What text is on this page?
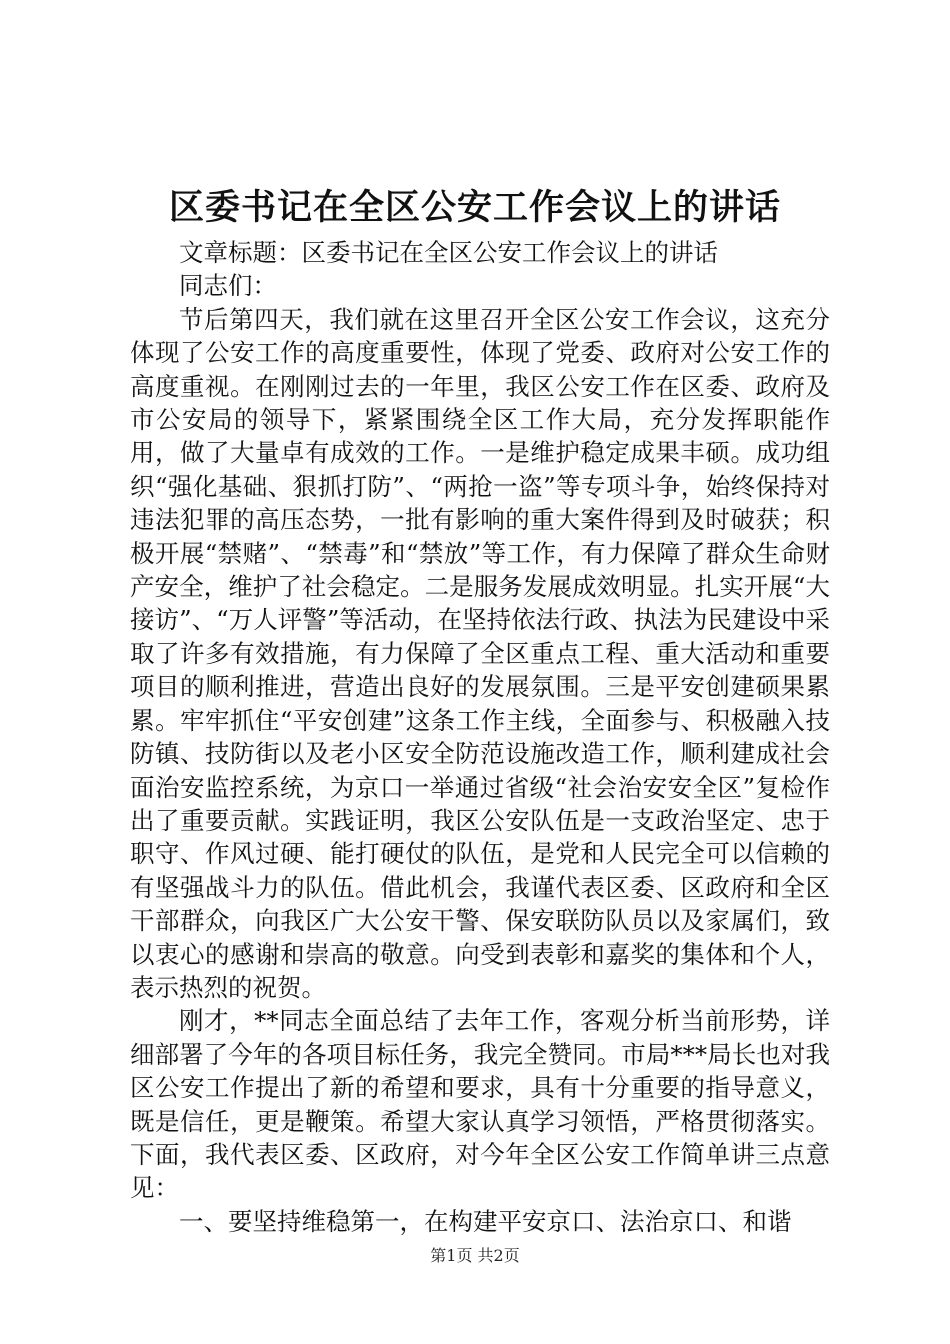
区委书记在全区公安工作会议上的讲话

文章标题：区委书记在全区公安工作会议上的讲话

同志们：

节后第四天，我们就在这里召开全区公安工作会议，这充分体现了公安工作的高度重要性，体现了党委、政府对公安工作的高度重视。在刚刚过去的一年里，我区公安工作在区委、政府及市公安局的领导下，紧紧围绕全区工作大局，充分发挥职能作用，做了大量卓有成效的工作。一是维护稳定成果丰硕。成功组织“强化基础、狠抓打防”、“两抢一盗”等专项斗争，始终保持对违法犯罪的高压态势，一批有影响的重大案件得到及时破获；积极开展“禁赌”、“禁毒”和“禁放”等工作，有力保障了群众生命财产安全，维护了社会稳定。二是服务发展成效明显。扎实开展“大接访”、“万人评警”等活动，在坚持依法行政、执法为民建设中采取了许多有效措施，有力保障了全区重点工程、重大活动和重要项目的顺利推进，营造出良好的发展氛围。三是平安创建硕果累累。牢牢抓住“平安创建”这条工作主线，全面参与、积极融入技防镇、技防街以及老小区安全防范设施改造工作，顺利建成社会面治安监控系统，为京口一举通过省级“社会治安安全区”复检作出了重要贡献。实践证明，我区公安队伍是一支政治坚定、忠于职守、作风过硬、能打硬仗的队伍，是党和人民完全可以信赖的有坚强战斗力的队伍。借此机会，我谨代表区委、区政府和全区干部群众，向我区广大公安干警、保安联防队员以及家属们，致以衷心的感谢和崇高的敬意。向受到表彰和嘉奖的集体和个人，表示热烈的祝贺。

刚才，**同志全面总结了去年工作，客观分析当前形势，详细部署了今年的各项目标任务，我完全赞同。市局***局长也对我区公安工作提出了新的希望和要求，具有十分重要的指导意义，既是信任，更是鞭策。希望大家认真学习领悟，严格贯彻落实。下面，我代表区委、区政府，对今年全区公安工作简单讲三点意见：

一、要坚持维稳第一，在构建平安京口、法治京口、和谐

第1页 共2页
